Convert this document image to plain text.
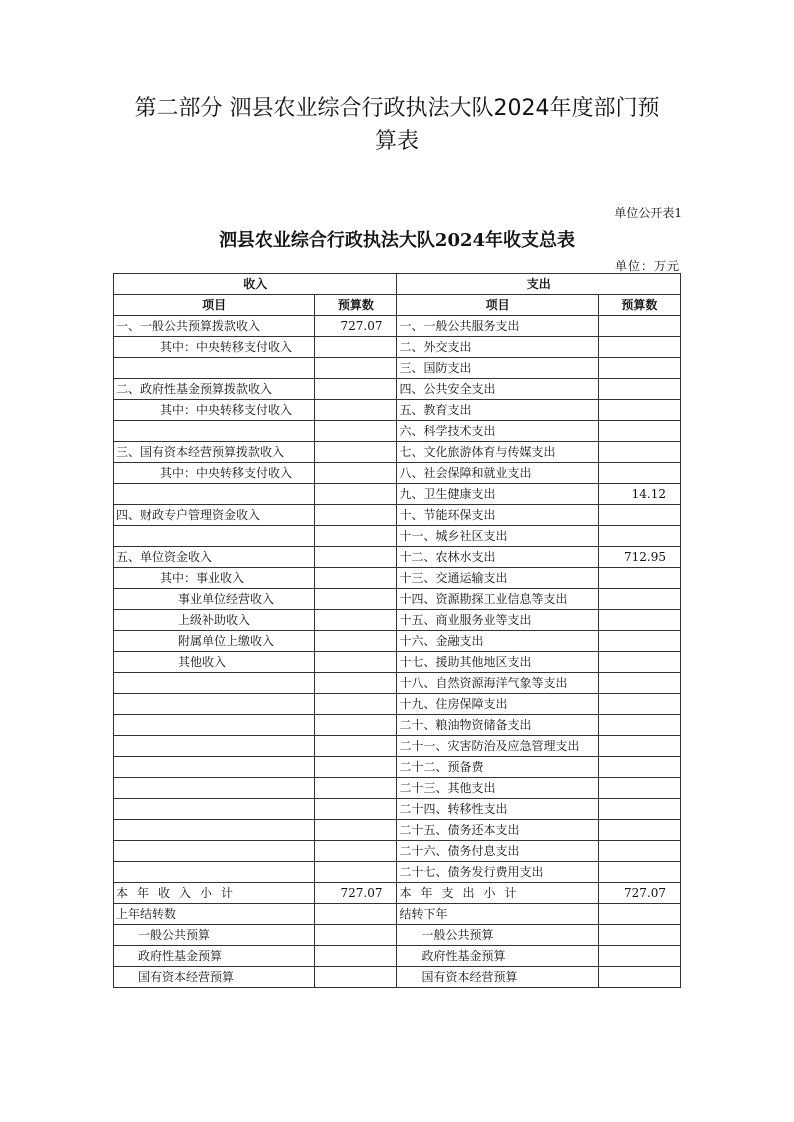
第二部分 泗县农业综合行政执法大队2024年度部门预
算表
单位公开表1
泗县农业综合行政执法大队2024年收支总表
单位：万元
收入		支出	
项目	预算数	项目	预算数
一、一般公共预算拨款收入	727.07	一、一般公共服务支出	
其中：中央转移支付收入		二、外交支出	
		三、国防支出	
二、政府性基金预算拨款收入		四、公共安全支出	
其中：中央转移支付收入		五、教育支出	
		六、科学技术支出	
三、国有资本经营预算拨款收入		七、文化旅游体育与传媒支出	
其中：中央转移支付收入		八、社会保障和就业支出	
		九、卫生健康支出	14.12
四、财政专户管理资金收入		十、节能环保支出	
		十一、城乡社区支出	
五、单位资金收入		十二、农林水支出	712.95
其中：事业收入		十三、交通运输支出	
事业单位经营收入		十四、资源勘探工业信息等支出	
上级补助收入		十五、商业服务业等支出	
附属单位上缴收入		十六、金融支出	
其他收入		十七、援助其他地区支出	
		十八、自然资源海洋气象等支出	
		十九、住房保障支出	
		二十、粮油物资储备支出	
		二十一、灾害防治及应急管理支出	
		二十二、预备费	
		二十三、其他支出	
		二十四、转移性支出	
		二十五、债务还本支出	
		二十六、债务付息支出	
		二十七、债务发行费用支出	
本年收入小计	727.07	本年支出小计	727.07
上年结转数		结转下年	
一般公共预算		一般公共预算	
政府性基金预算		政府性基金预算	
国有资本经营预算		国有资本经营预算	
